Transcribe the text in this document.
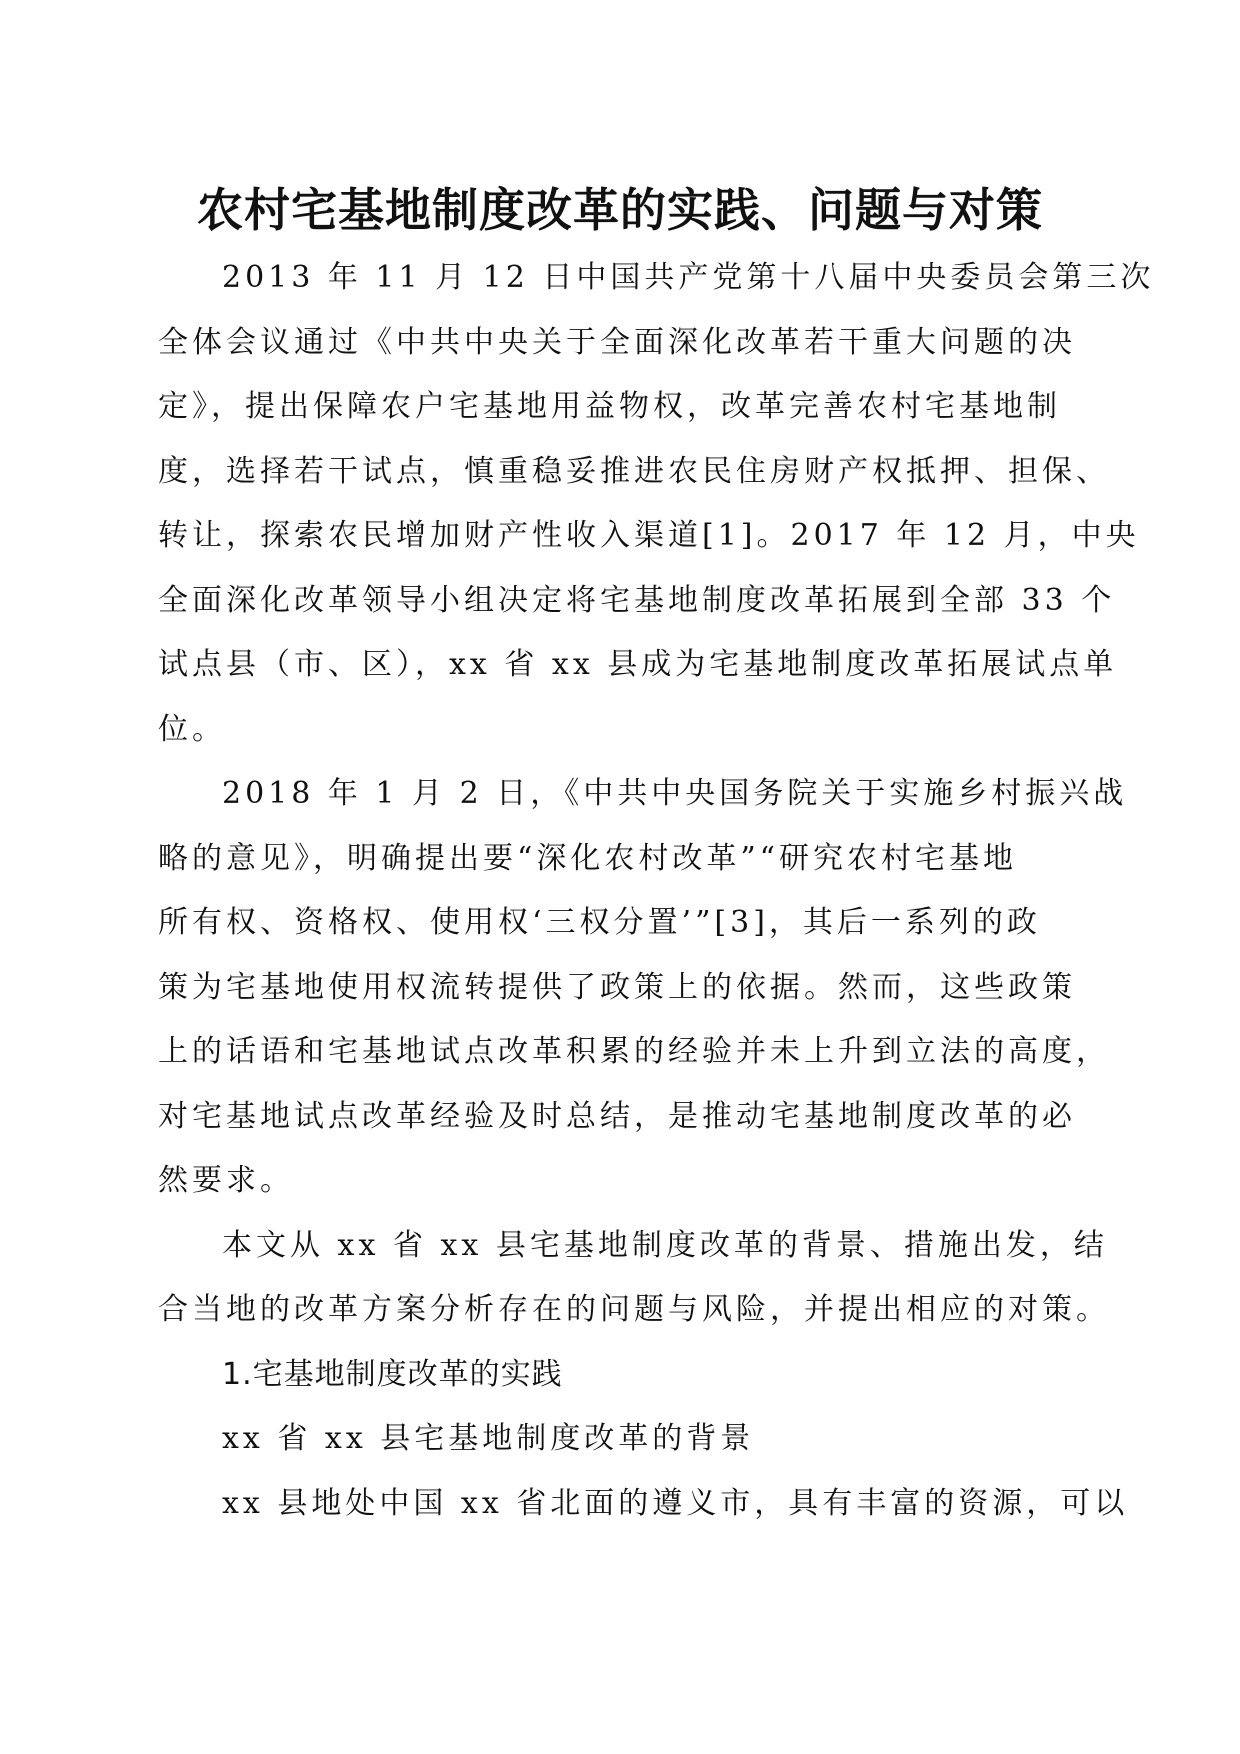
农村宅基地制度改革的实践、问题与对策
2013 年 11 月 12 日中国共产党第十八届中央委员会第三次
全体会议通过《中共中央关于全面深化改革若干重大问题的决
定》，提出保障农户宅基地用益物权，改革完善农村宅基地制
度，选择若干试点，慎重稳妥推进农民住房财产权抵押、担保、
转让，探索农民增加财产性收入渠道[1]。2017 年 12 月，中央
全面深化改革领导小组决定将宅基地制度改革拓展到全部 33 个
试点县（市、区），xx 省 xx 县成为宅基地制度改革拓展试点单
位。
2018 年 1 月 2 日，《中共中央国务院关于实施乡村振兴战
略的意见》，明确提出要“深化农村改革”“研究农村宅基地
所有权、资格权、使用权‘三权分置’”[3]，其后一系列的政
策为宅基地使用权流转提供了政策上的依据。然而，这些政策
上的话语和宅基地试点改革积累的经验并未上升到立法的高度，
对宅基地试点改革经验及时总结，是推动宅基地制度改革的必
然要求。
本文从 xx 省 xx 县宅基地制度改革的背景、措施出发，结
合当地的改革方案分析存在的问题与风险，并提出相应的对策。
1.宅基地制度改革的实践
xx 省 xx 县宅基地制度改革的背景
xx 县地处中国 xx 省北面的遵义市，具有丰富的资源，可以
